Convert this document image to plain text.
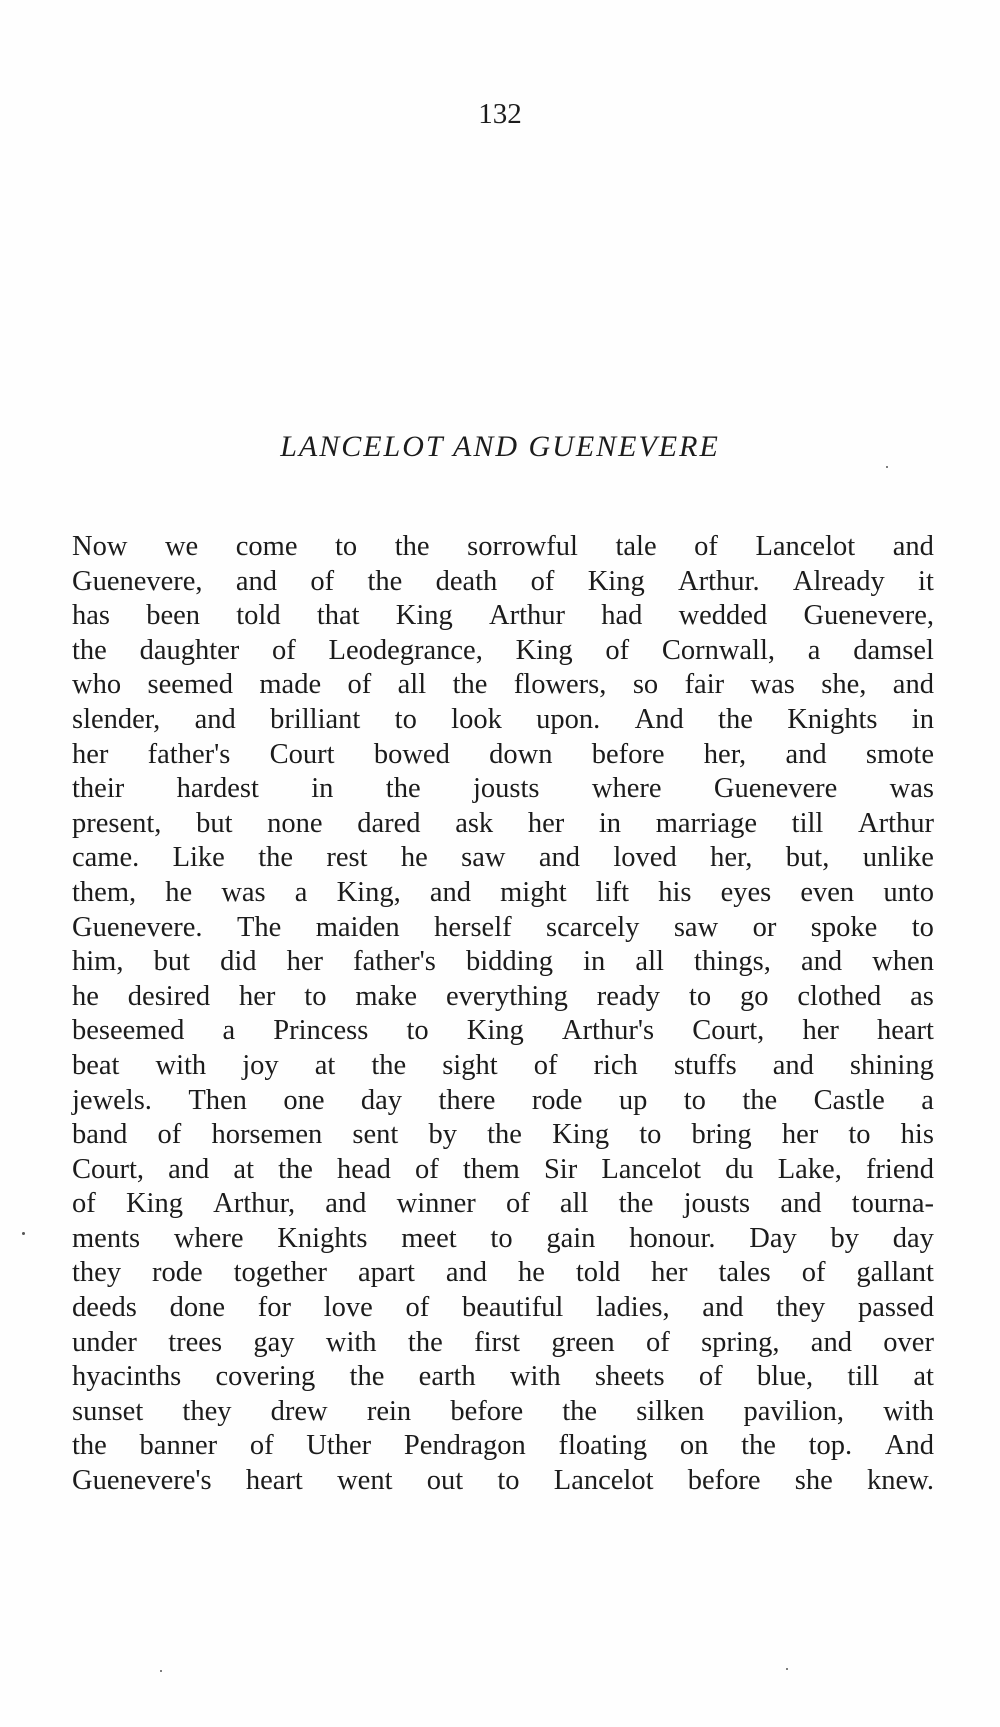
132

LANCELOT AND GUENEVERE
Now we come to the sorrowful tale of Lancelot and
Guenevere, and of the death of King Arthur. Already it
has been told that King Arthur had wedded Guenevere,
the daughter of Leodegrance, King of Cornwall, a damsel
who seemed made of all the flowers, so fair was she, and
slender, and brilliant to look upon. And the Knights in
her father's Court bowed down before her, and smote
their hardest in the jousts where Guenevere was
present, but none dared ask her in marriage till Arthur
came. Like the rest he saw and loved her, but, unlike
them, he was a King, and might lift his eyes even unto
Guenevere. The maiden herself scarcely saw or spoke to
him, but did her father's bidding in all things, and when
he desired her to make everything ready to go clothed as
beseemed a Princess to King Arthur's Court, her heart
beat with joy at the sight of rich stuffs and shining
jewels. Then one day there rode up to the Castle a
band of horsemen sent by the King to bring her to his
Court, and at the head of them Sir Lancelot du Lake, friend
of King Arthur, and winner of all the jousts and tourna-
ments where Knights meet to gain honour. Day by day
they rode together apart and he told her tales of gallant
deeds done for love of beautiful ladies, and they passed
under trees gay with the first green of spring, and over
hyacinths covering the earth with sheets of blue, till at
sunset they drew rein before the silken pavilion, with
the banner of Uther Pendragon floating on the top. And
Guenevere's heart went out to Lancelot before she knew.
